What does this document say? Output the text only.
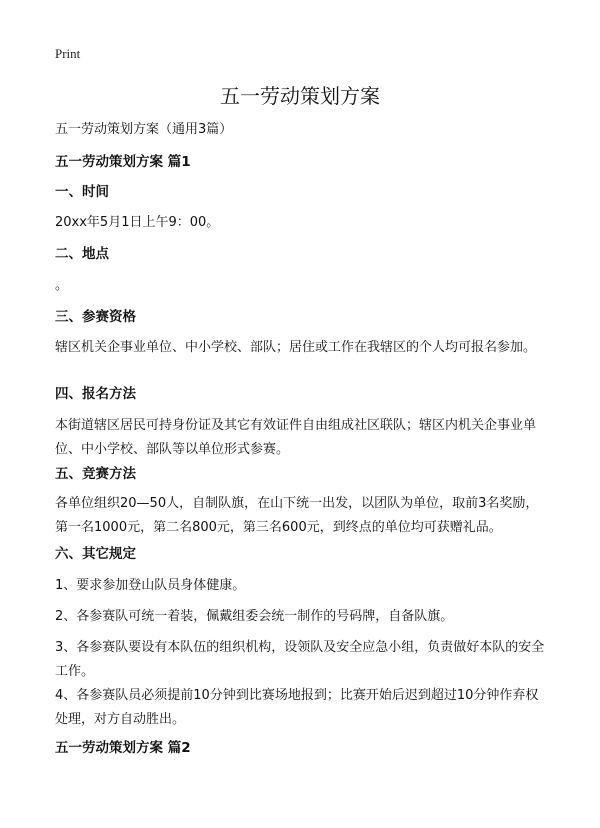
Print
五一劳动策划方案

五一劳动策划方案（通用3篇）

五一劳动策划方案 篇1

一、时间

20xx年5月1日上午9：00。

二、地点

。

三、参赛资格

辖区机关企事业单位、中小学校、部队；居住或工作在我辖区的个人均可报名参加。

四、报名方法

本街道辖区居民可持身份证及其它有效证件自由组成社区联队；辖区内机关企事业单位、中小学校、部队等以单位形式参赛。

五、竞赛方法

各单位组织20—50人，自制队旗，在山下统一出发，以团队为单位，取前3名奖励，第一名1000元，第二名800元，第三名600元，到终点的单位均可获赠礼品。

六、其它规定

1、要求参加登山队员身体健康。

2、各参赛队可统一着装，佩戴组委会统一制作的号码牌，自备队旗。

3、各参赛队要设有本队伍的组织机构，设领队及安全应急小组，负责做好本队的安全工作。

4、各参赛队员必须提前10分钟到比赛场地报到；比赛开始后迟到超过10分钟作弃权处理，对方自动胜出。

五一劳动策划方案 篇2
